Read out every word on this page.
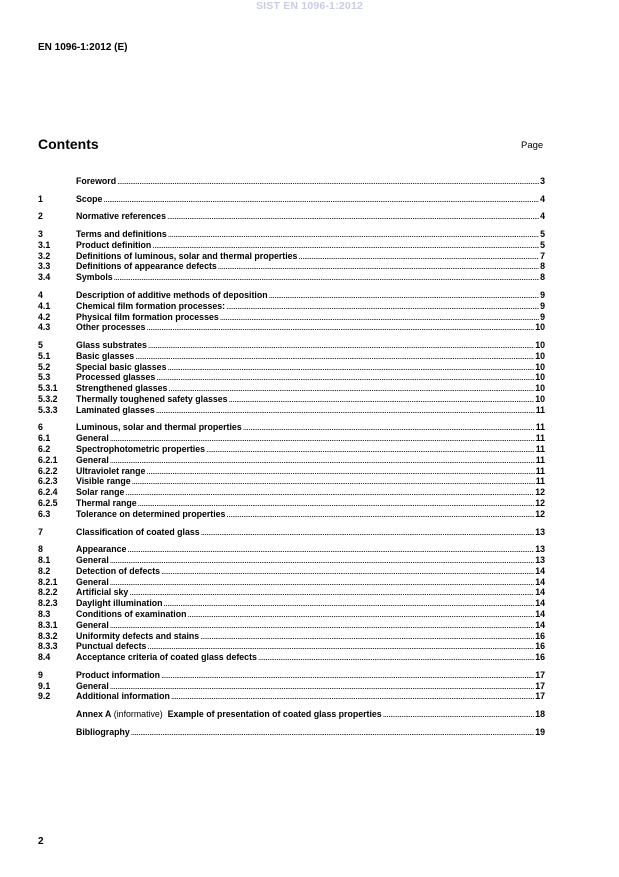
SIST EN 1096-1:2012
EN 1096-1:2012 (E)
Contents	Page
Foreword .....	3
1	Scope .....	4
2	Normative references .....	4
3	Terms and definitions .....	5
3.1	Product definition .....	5
3.2	Definitions of luminous, solar and thermal properties .....	7
3.3	Definitions of appearance defects .....	8
3.4	Symbols .....	8
4	Description of additive methods of deposition .....	9
4.1	Chemical film formation processes: .....	9
4.2	Physical film formation processes .....	9
4.3	Other processes .....	10
5	Glass substrates .....	10
5.1	Basic glasses .....	10
5.2	Special basic glasses .....	10
5.3	Processed glasses .....	10
5.3.1	Strengthened glasses .....	10
5.3.2	Thermally toughened safety glasses .....	10
5.3.3	Laminated glasses .....	11
6	Luminous, solar and thermal properties .....	11
6.1	General .....	11
6.2	Spectrophotometric properties .....	11
6.2.1	General .....	11
6.2.2	Ultraviolet range .....	11
6.2.3	Visible range .....	11
6.2.4	Solar range .....	12
6.2.5	Thermal range .....	12
6.3	Tolerance on determined properties .....	12
7	Classification of coated glass .....	13
8	Appearance .....	13
8.1	General .....	13
8.2	Detection of defects .....	14
8.2.1	General .....	14
8.2.2	Artificial sky .....	14
8.2.3	Daylight illumination .....	14
8.3	Conditions of examination .....	14
8.3.1	General .....	14
8.3.2	Uniformity defects and stains .....	16
8.3.3	Punctual defects .....	16
8.4	Acceptance criteria of coated glass defects .....	16
9	Product information .....	17
9.1	General .....	17
9.2	Additional information .....	17
Annex A (informative)  Example of presentation of coated glass properties .....	18
Bibliography .....	19
2
